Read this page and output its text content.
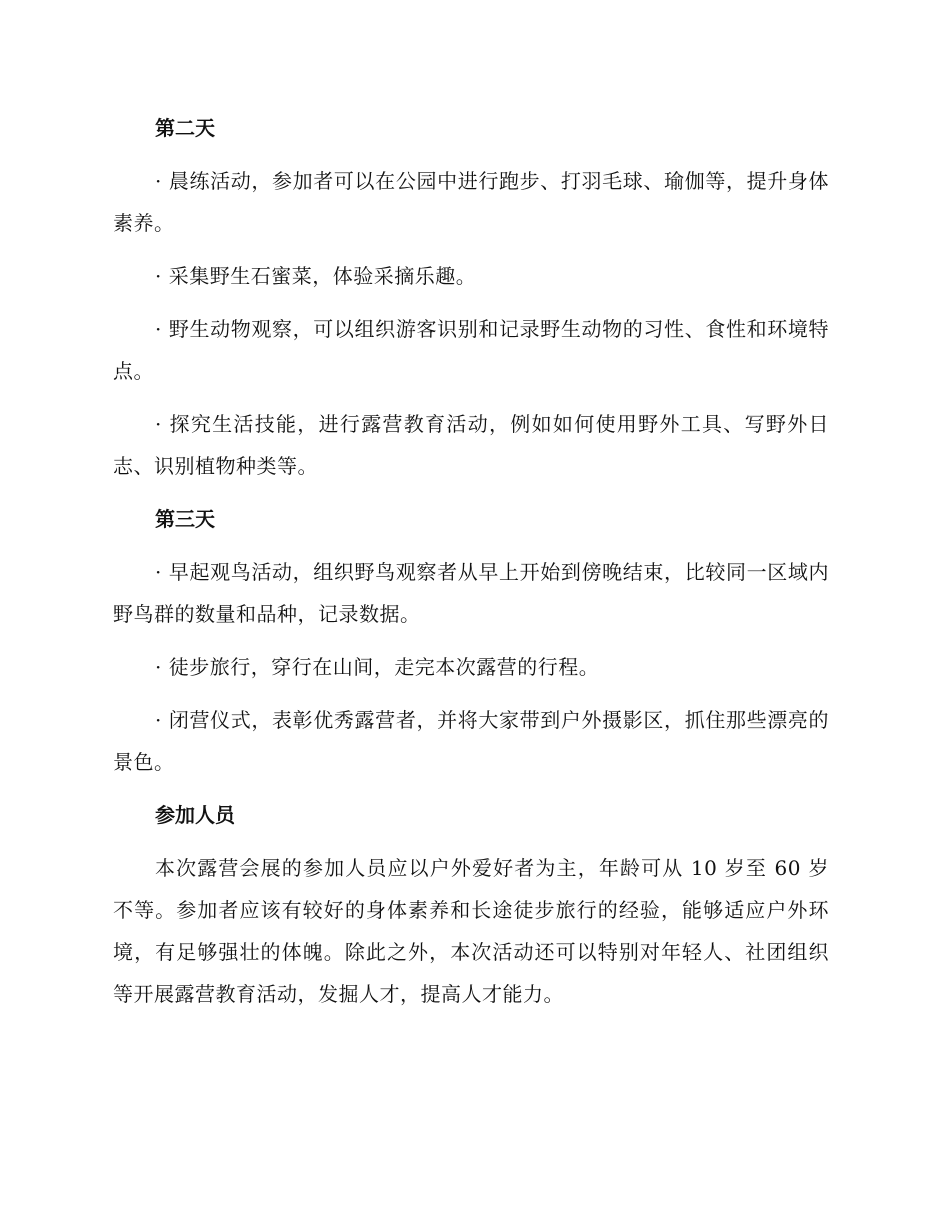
第二天

· 晨练活动，参加者可以在公园中进行跑步、打羽毛球、瑜伽等，提升身体素养。

· 采集野生石蜜菜，体验采摘乐趣。

· 野生动物观察，可以组织游客识别和记录野生动物的习性、食性和环境特点。

· 探究生活技能，进行露营教育活动，例如如何使用野外工具、写野外日志、识别植物种类等。

第三天

· 早起观鸟活动，组织野鸟观察者从早上开始到傍晚结束，比较同一区域内野鸟群的数量和品种，记录数据。

· 徒步旅行，穿行在山间，走完本次露营的行程。

· 闭营仪式，表彰优秀露营者，并将大家带到户外摄影区，抓住那些漂亮的景色。

参加人员

本次露营会展的参加人员应以户外爱好者为主，年龄可从 10 岁至 60 岁不等。参加者应该有较好的身体素养和长途徒步旅行的经验，能够适应户外环境，有足够强壮的体魄。除此之外，本次活动还可以特别对年轻人、社团组织等开展露营教育活动，发掘人才，提高人才能力。
